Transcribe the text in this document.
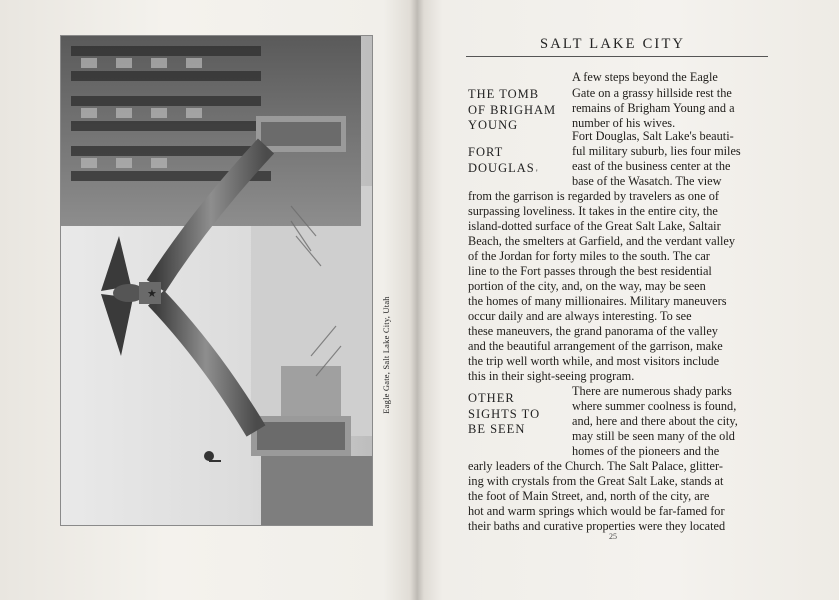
★
Eagle Gate, Salt Lake City, Utah
SALT LAKE CITY
THE TOMB
OF BRIGHAM
YOUNG
FORT
DOUGLAS '
OTHER
SIGHTS TO
BE SEEN
A few steps beyond the Eagle
Gate on a grassy hillside rest the
remains of Brigham Young and a
number of his wives.
Fort Douglas, Salt Lake's beauti-
ful military suburb, lies four miles
east of the business center at the
base of the Wasatch. The view
from the garrison is regarded by travelers as one of
surpassing loveliness. It takes in the entire city, the
island-dotted surface of the Great Salt Lake, Saltair
Beach, the smelters at Garfield, and the verdant valley
of the Jordan for forty miles to the south. The car
line to the Fort passes through the best residential
portion of the city, and, on the way, may be seen
the homes of many millionaires. Military maneuvers
occur daily and are always interesting. To see
these maneuvers, the grand panorama of the valley
and the beautiful arrangement of the garrison, make
the trip well worth while, and most visitors include
this in their sight-seeing program.
There are numerous shady parks
where summer coolness is found,
and, here and there about the city,
may still be seen many of the old
homes of the pioneers and the
early leaders of the Church. The Salt Palace, glitter-
ing with crystals from the Great Salt Lake, stands at
the foot of Main Street, and, north of the city, are
hot and warm springs which would be far-famed for
their baths and curative properties were they located
25
